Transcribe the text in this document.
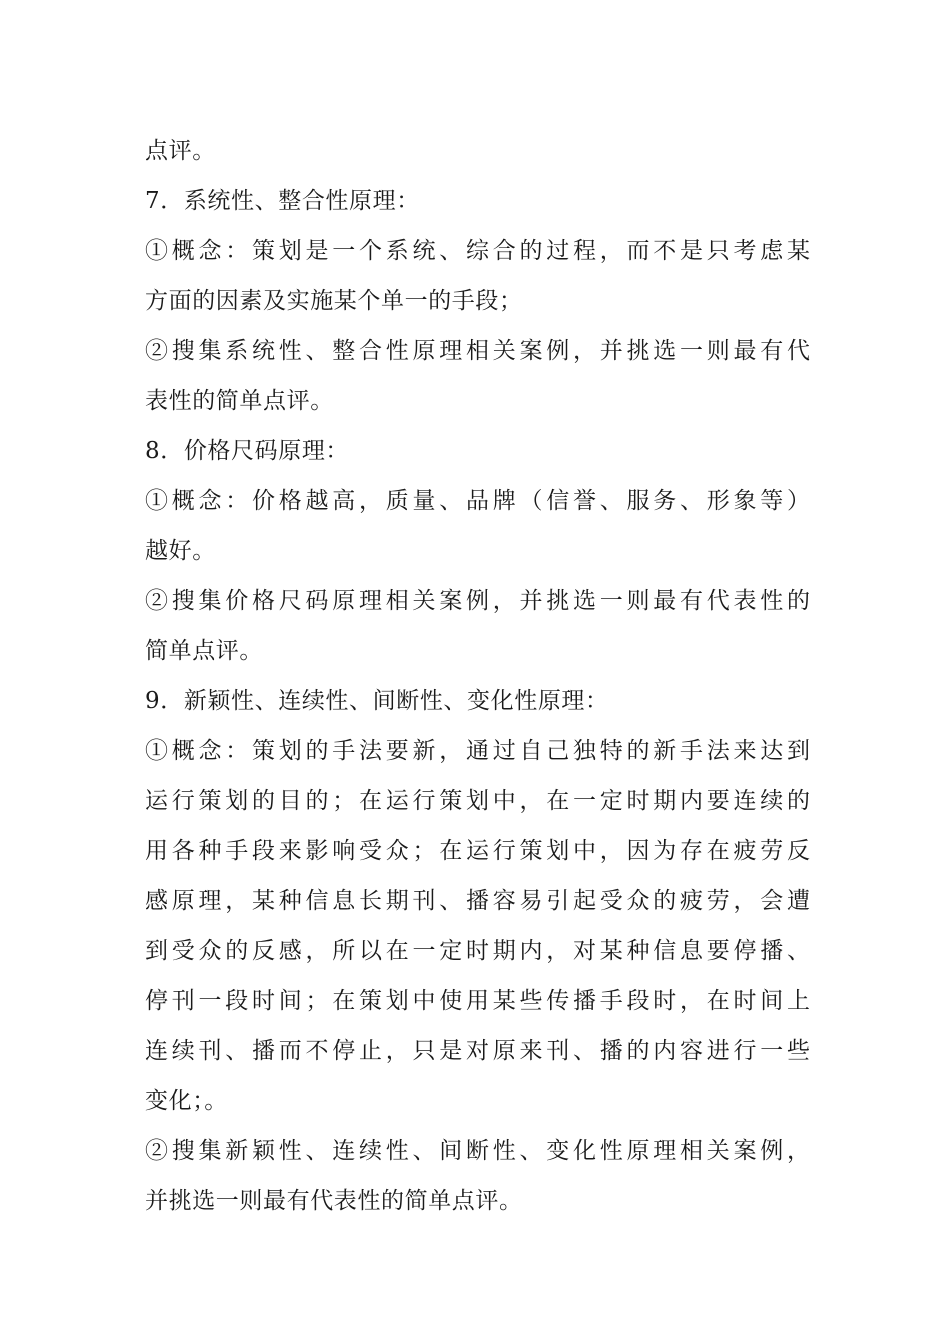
点评。
7．系统性、整合性原理：
①概念：策划是一个系统、综合的过程，而不是只考虑某
方面的因素及实施某个单一的手段；
②搜集系统性、整合性原理相关案例，并挑选一则最有代
表性的简单点评。
8．价格尺码原理：
①概念：价格越高，质量、品牌（信誉、服务、形象等）
越好。
②搜集价格尺码原理相关案例，并挑选一则最有代表性的
简单点评。
9．新颖性、连续性、间断性、变化性原理：
①概念：策划的手法要新，通过自己独特的新手法来达到
运行策划的目的；在运行策划中，在一定时期内要连续的
用各种手段来影响受众；在运行策划中，因为存在疲劳反
感原理，某种信息长期刊、播容易引起受众的疲劳，会遭
到受众的反感，所以在一定时期内，对某种信息要停播、
停刊一段时间；在策划中使用某些传播手段时，在时间上
连续刊、播而不停止，只是对原来刊、播的内容进行一些
变化；。
②搜集新颖性、连续性、间断性、变化性原理相关案例，
并挑选一则最有代表性的简单点评。
